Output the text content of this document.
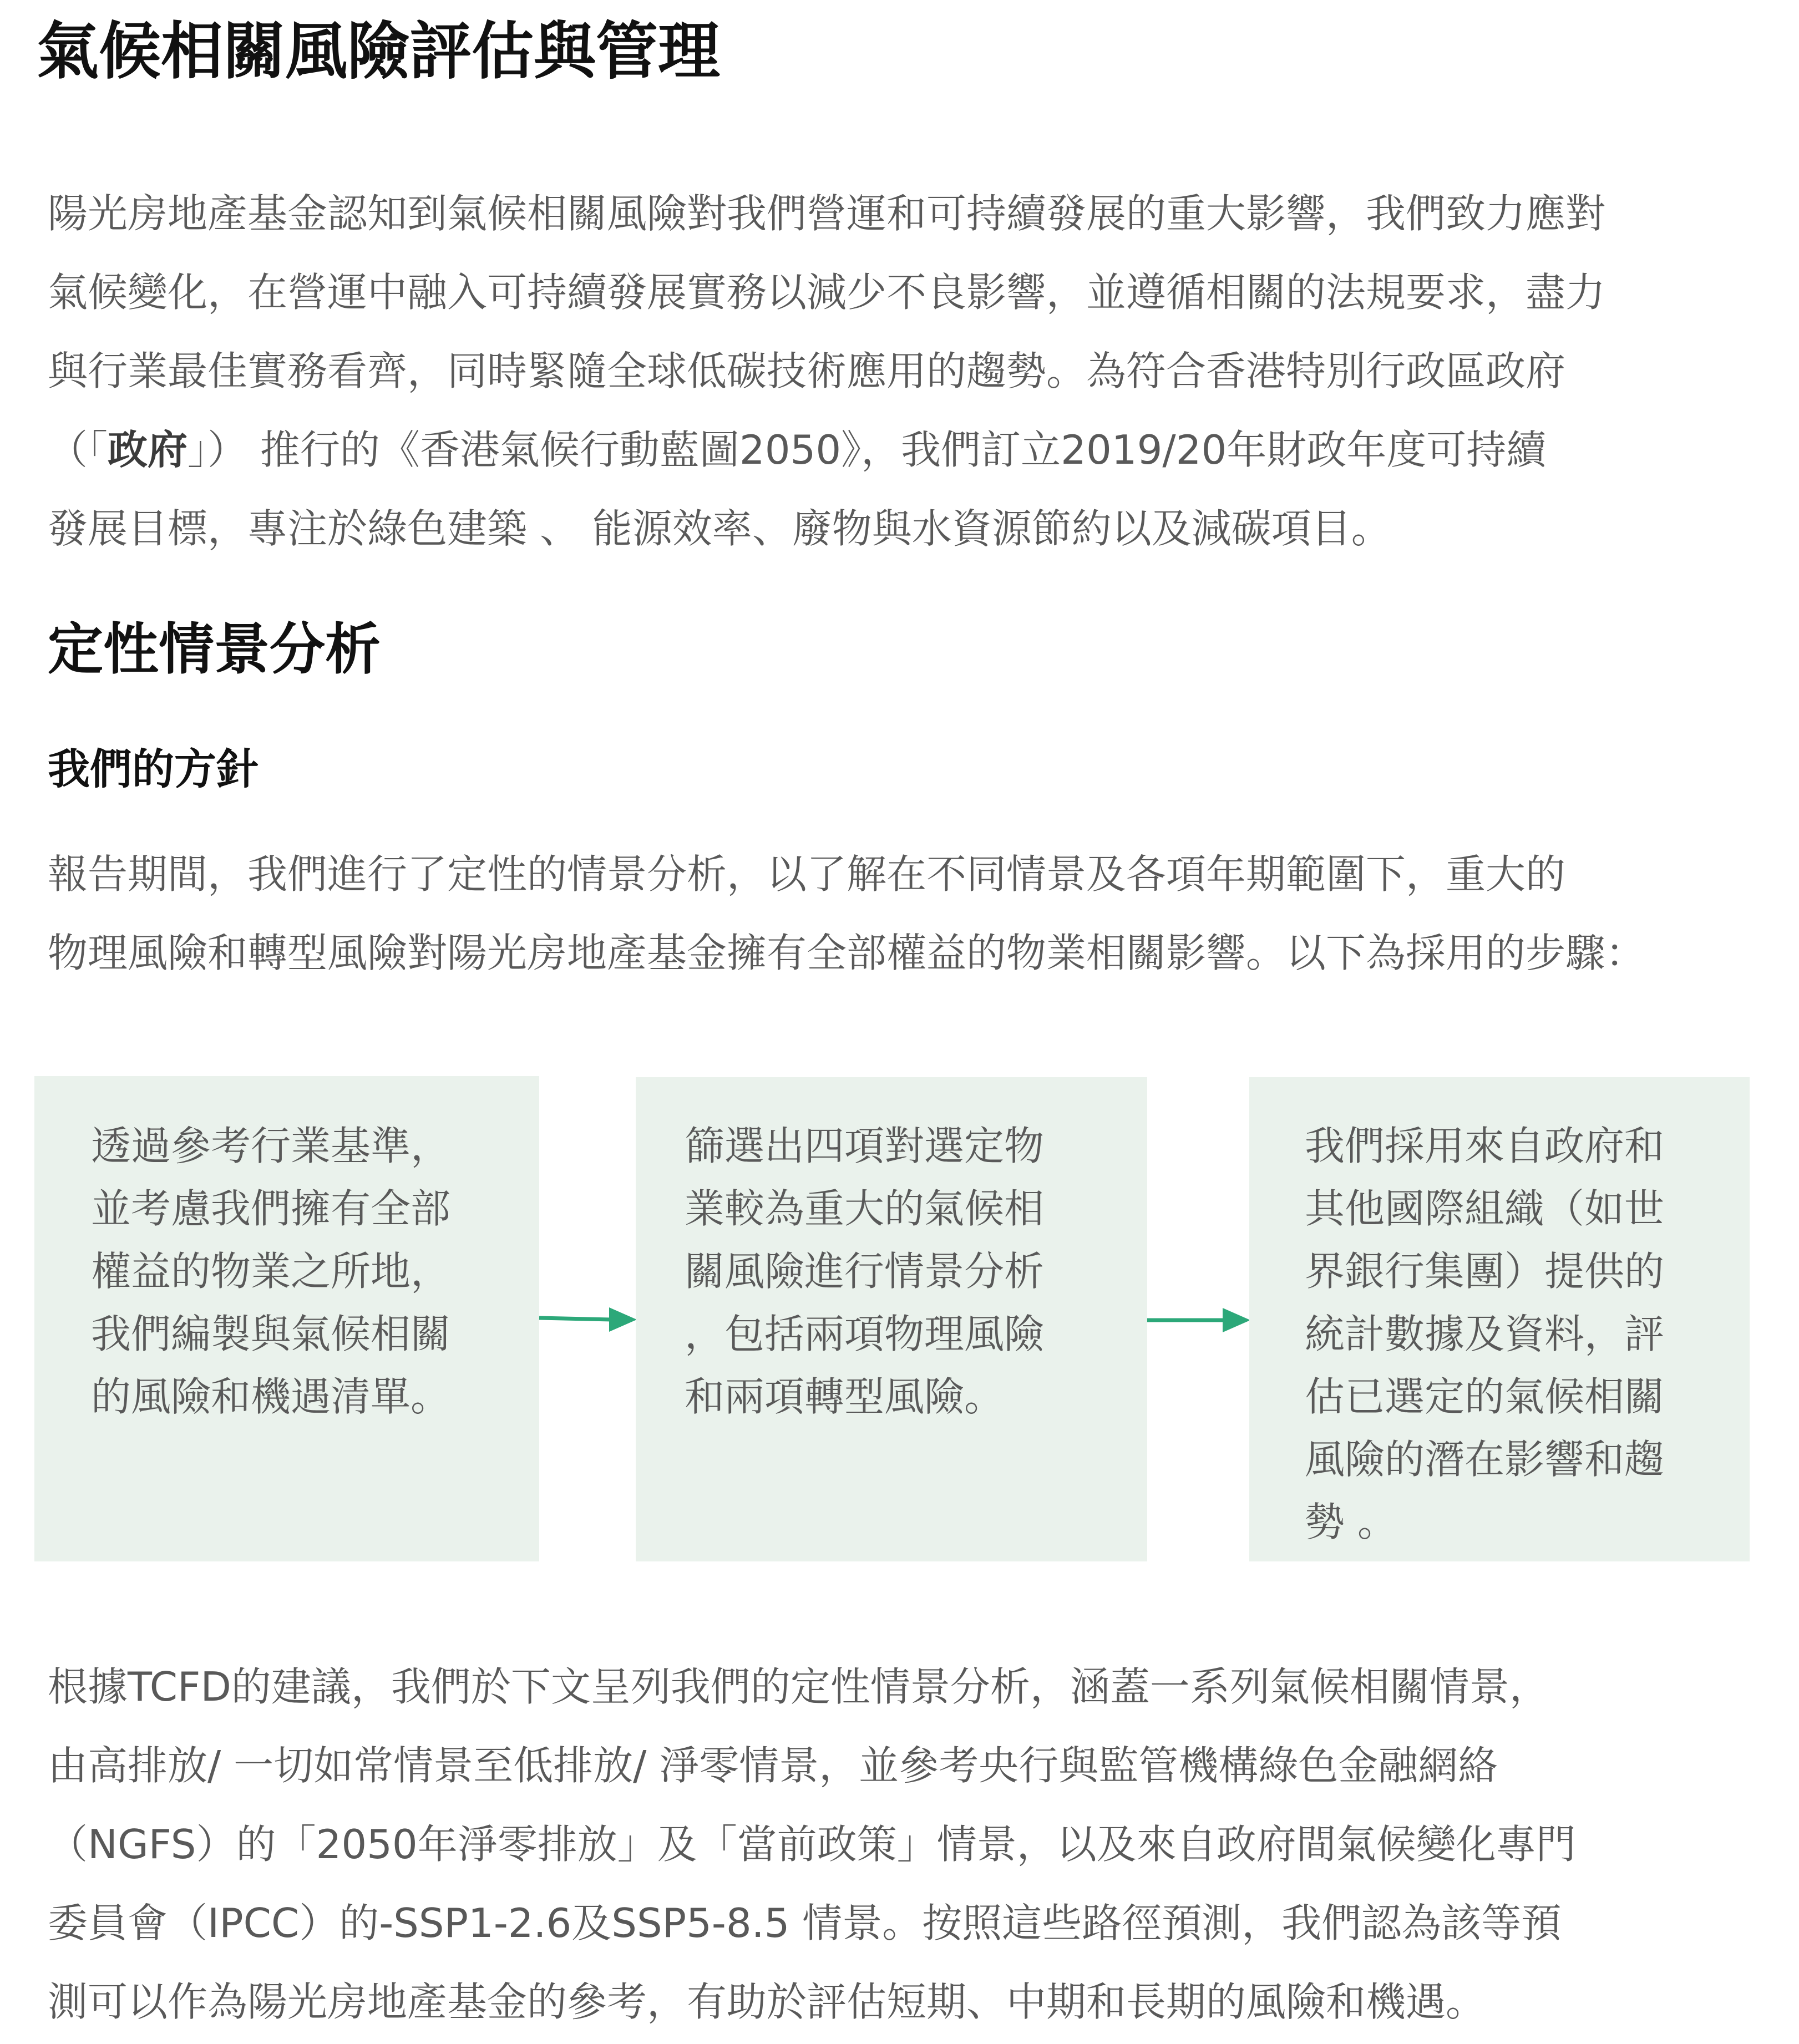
氣候相關風險評估與管理
陽光房地產基金認知到氣候相關風險對我們營運和可持續發展的重大影響，我們致力應對
氣候變化，在營運中融入可持續發展實務以減少不良影響，並遵循相關的法規要求，盡力
與行業最佳實務看齊，同時緊隨全球低碳技術應用的趨勢。為符合香港特別行政區政府
（「政府」） 推行的《香港氣候行動藍圖2050》，我們訂立2019/20年財政年度可持續
發展目標，專注於綠色建築 、 能源效率、廢物與水資源節約以及減碳項目。
定性情景分析
我們的方針
報告期間，我們進行了定性的情景分析，以了解在不同情景及各項年期範圍下，重大的
物理風險和轉型風險對陽光房地產基金擁有全部權益的物業相關影響。以下為採用的步驟：
透過參考行業基準，
並考慮我們擁有全部
權益的物業之所地，
我們編製與氣候相關
的風險和機遇清單。
篩選出四項對選定物
業較為重大的氣候相
關風險進行情景分析
，包括兩項物理風險
和兩項轉型風險。
我們採用來自政府和
其他國際組織（如世
界銀行集團）提供的
統計數據及資料，評
估已選定的氣候相關
風險的潛在影響和趨
勢 。
根據TCFD的建議，我們於下文呈列我們的定性情景分析，涵蓋一系列氣候相關情景，
由高排放/ 一切如常情景至低排放/ 淨零情景，並參考央行與監管機構綠色金融網絡
（NGFS）的「2050年淨零排放」及「當前政策」情景，以及來自政府間氣候變化專門
委員會（IPCC）的-SSP1-2.6及SSP5-8.5 情景。按照這些路徑預測，我們認為該等預
測可以作為陽光房地產基金的參考，有助於評估短期、中期和長期的風險和機遇。
